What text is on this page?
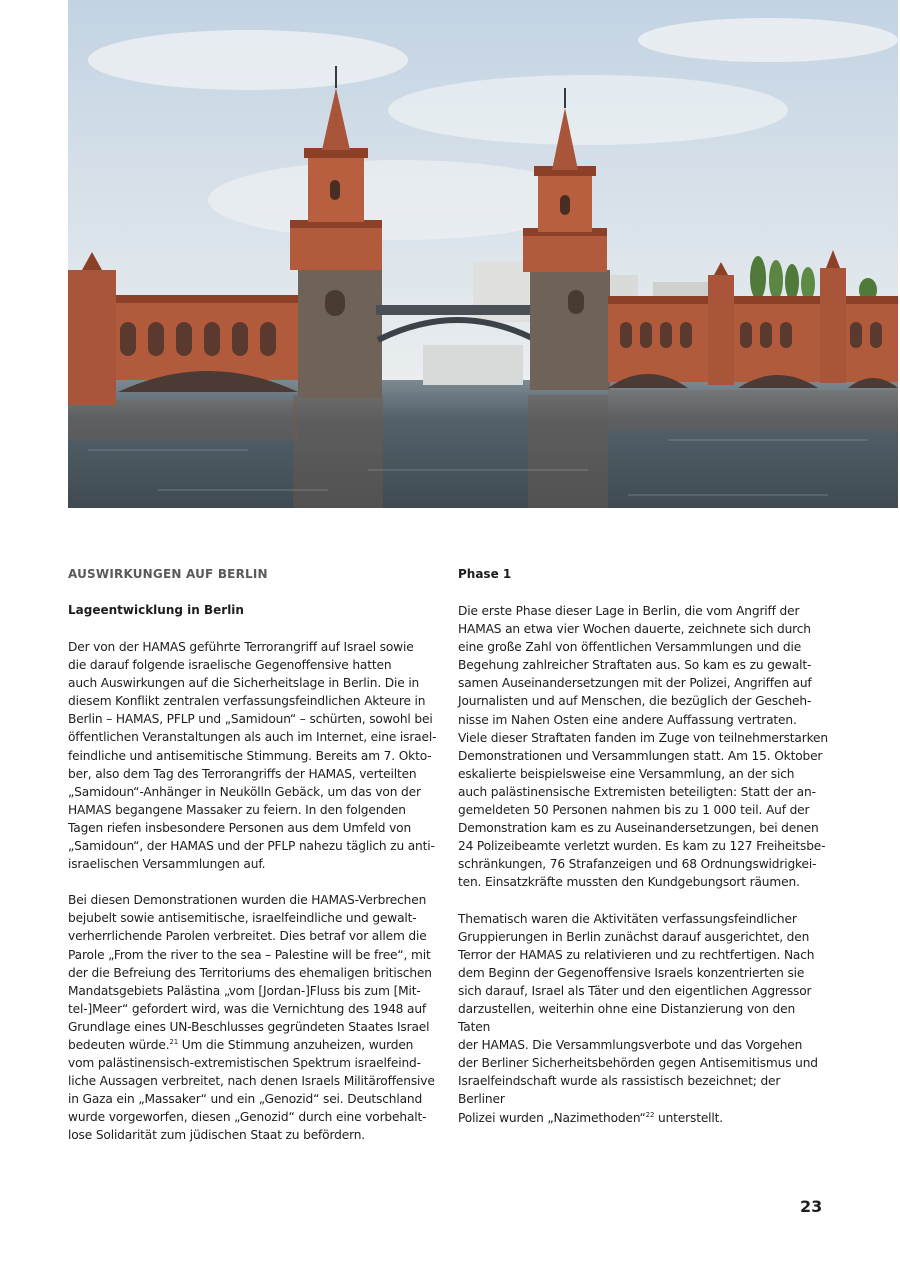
AUSWIRKUNGEN AUF BERLIN
Lageentwicklung in Berlin

Der von der HAMAS geführte Terrorangriff auf Israel sowie

die darauf folgende israelische Gegenoffensive hatten

auch Auswirkungen auf die Sicherheitslage in Berlin. Die in

diesem Konflikt zentralen verfassungsfeindlichen Akteure in

Berlin – HAMAS, PFLP und „Samidoun“ – schürten, sowohl bei

öffentlichen Veranstaltungen als auch im Internet, eine israel-

feindliche und antisemitische Stimmung. Bereits am 7. Okto-

ber, also dem Tag des Terrorangriffs der HAMAS, verteilten

„Samidoun“-Anhänger in Neukölln Gebäck, um das von der

HAMAS begangene Massaker zu feiern. In den folgenden

Tagen riefen insbesondere Personen aus dem Umfeld von

„Samidoun“, der HAMAS und der PFLP nahezu täglich zu anti-

israelischen Versammlungen auf.

Bei diesen Demonstrationen wurden die HAMAS-Verbrechen

bejubelt sowie antisemitische, israelfeindliche und gewalt-

verherrlichende Parolen verbreitet. Dies betraf vor allem die

Parole „From the river to the sea – Palestine will be free“, mit

der die Befreiung des Territoriums des ehemaligen britischen

Mandatsgebiets Palästina „vom [Jordan-]Fluss bis zum [Mit-

tel-]Meer“ gefordert wird, was die Vernichtung des 1948 auf

Grundlage eines UN-Beschlusses gegründeten Staates Israel

bedeuten würde.$^{21}$ Um die Stimmung anzuheizen, wurden

vom palästinensisch-extremistischen Spektrum israelfeind-

liche Aussagen verbreitet, nach denen Israels Militäroffensive

in Gaza ein „Massaker“ und ein „Genozid“ sei. Deutschland

wurde vorgeworfen, diesen „Genozid“ durch eine vorbehalt-

lose Solidarität zum jüdischen Staat zu befördern.

Phase 1

Die erste Phase dieser Lage in Berlin, die vom Angriff der

HAMAS an etwa vier Wochen dauerte, zeichnete sich durch

eine große Zahl von öffentlichen Versammlungen und die

Begehung zahlreicher Straftaten aus. So kam es zu gewalt-

samen Auseinandersetzungen mit der Polizei, Angriffen auf

Journalisten und auf Menschen, die bezüglich der Gescheh-

nisse im Nahen Osten eine andere Auffassung vertraten.

Viele dieser Straftaten fanden im Zuge von teilnehmerstarken

Demonstrationen und Versammlungen statt. Am 15. Oktober

eskalierte beispielsweise eine Versammlung, an der sich

auch palästinensische Extremisten beteiligten: Statt der an-

gemeldeten 50 Personen nahmen bis zu 1 000 teil. Auf der

Demonstration kam es zu Auseinandersetzungen, bei denen

24 Polizeibeamte verletzt wurden. Es kam zu 127 Freiheitsbe-

schränkungen, 76 Strafanzeigen und 68 Ordnungswidrigkei-

ten. Einsatzkräfte mussten den Kundgebungsort räumen.

Thematisch waren die Aktivitäten verfassungsfeindlicher

Gruppierungen in Berlin zunächst darauf ausgerichtet, den

Terror der HAMAS zu relativieren und zu rechtfertigen. Nach

dem Beginn der Gegenoffensive Israels konzentrierten sie

sich darauf, Israel als Täter und den eigentlichen Aggressor

darzustellen, weiterhin ohne eine Distanzierung von den Taten

der HAMAS. Die Versammlungsverbote und das Vorgehen

der Berliner Sicherheitsbehörden gegen Antisemitismus und

Israelfeindschaft wurde als rassistisch bezeichnet; der Berliner

Polizei wurden „Nazimethoden“$^{22}$ unterstellt.

23
